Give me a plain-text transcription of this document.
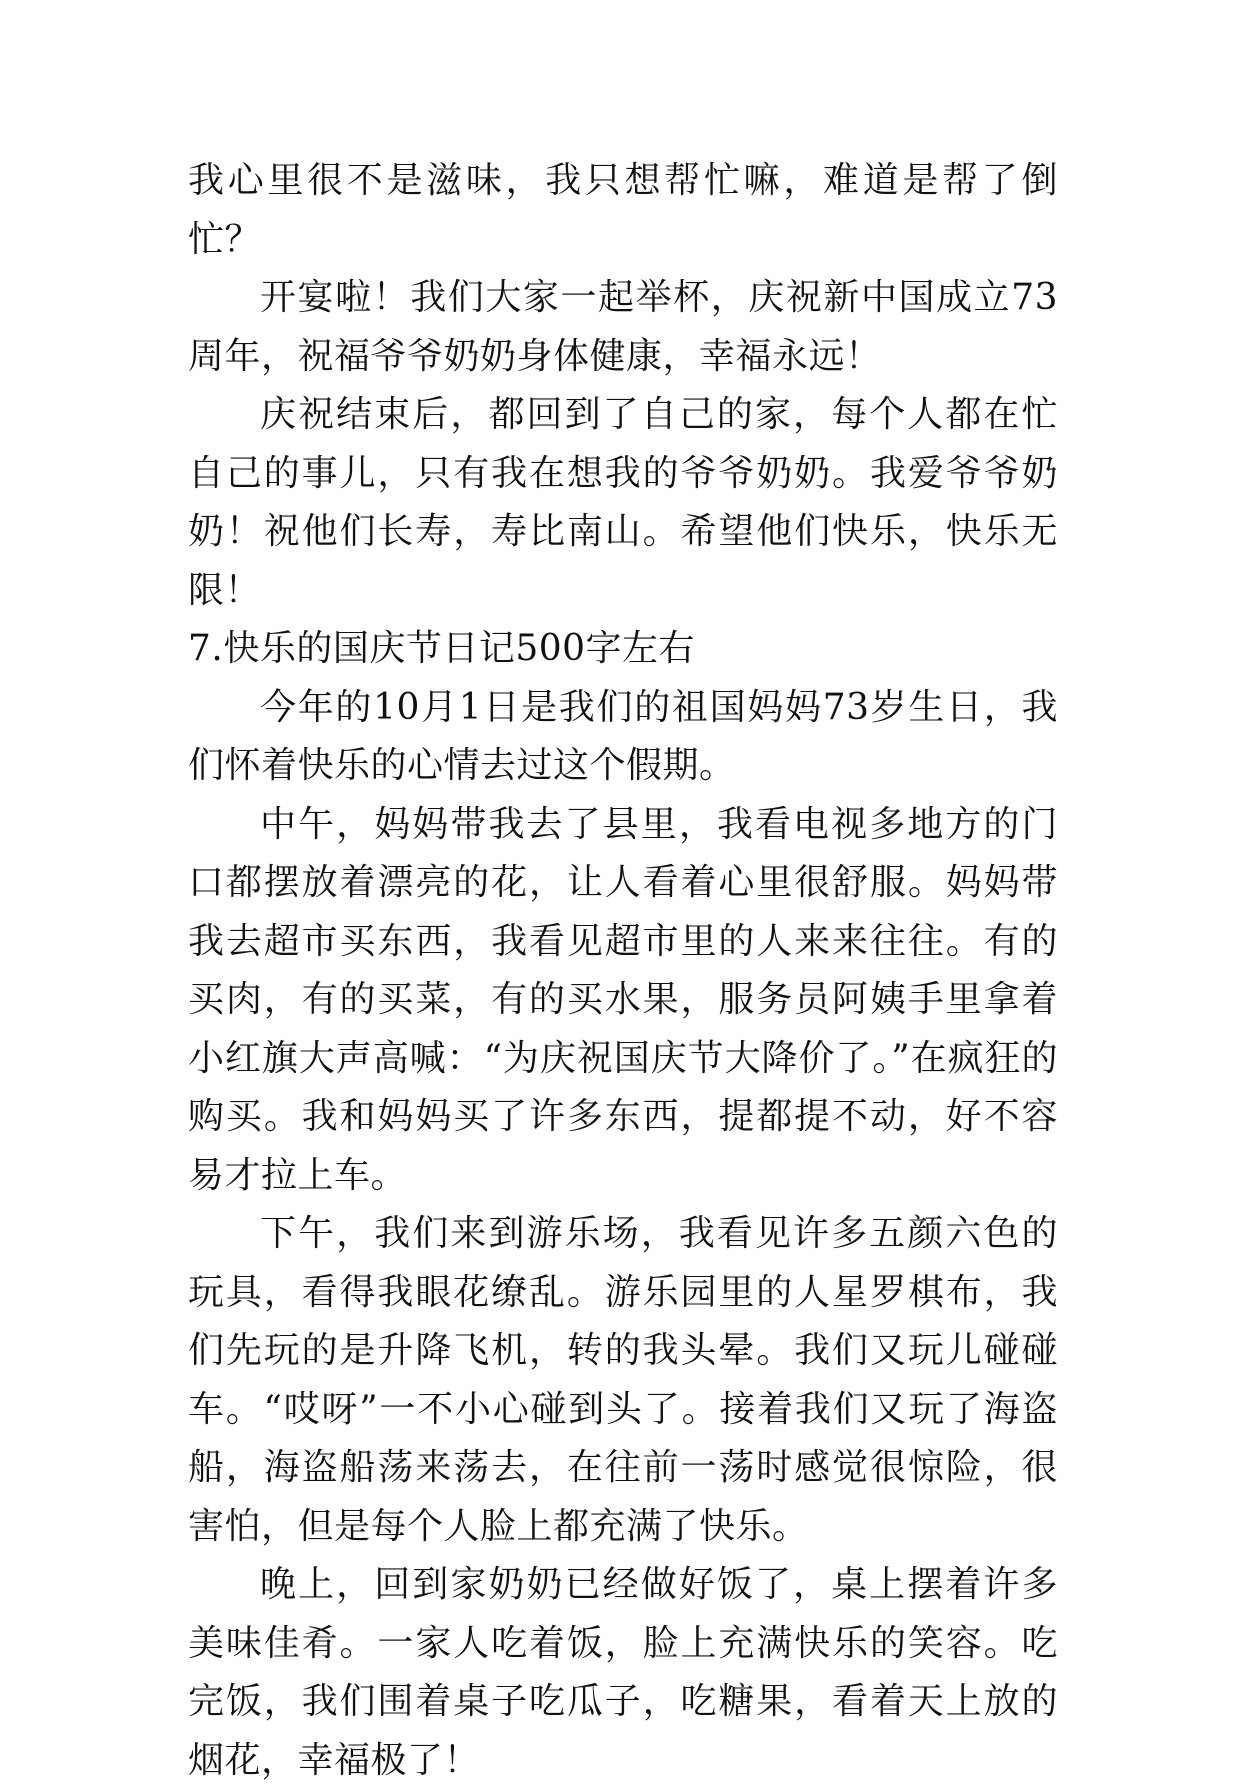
我心里很不是滋味，我只想帮忙嘛，难道是帮了倒忙？

开宴啦！我们大家一起举杯，庆祝新中国成立73周年，祝福爷爷奶奶身体健康，幸福永远！

庆祝结束后，都回到了自己的家，每个人都在忙自己的事儿，只有我在想我的爷爷奶奶。我爱爷爷奶奶！祝他们长寿，寿比南山。希望他们快乐，快乐无限！

7.快乐的国庆节日记500字左右

今年的10月1日是我们的祖国妈妈73岁生日，我们怀着快乐的心情去过这个假期。

中午，妈妈带我去了县里，我看电视多地方的门口都摆放着漂亮的花，让人看着心里很舒服。妈妈带我去超市买东西，我看见超市里的人来来往往。有的买肉，有的买菜，有的买水果，服务员阿姨手里拿着小红旗大声高喊：“为庆祝国庆节大降价了。”在疯狂的购买。我和妈妈买了许多东西，提都提不动，好不容易才拉上车。

下午，我们来到游乐场，我看见许多五颜六色的玩具，看得我眼花缭乱。游乐园里的人星罗棋布，我们先玩的是升降飞机，转的我头晕。我们又玩儿碰碰车。“哎呀”一不小心碰到头了。接着我们又玩了海盗船，海盗船荡来荡去，在往前一荡时感觉很惊险，很害怕，但是每个人脸上都充满了快乐。

晚上，回到家奶奶已经做好饭了，桌上摆着许多美味佳肴。一家人吃着饭，脸上充满快乐的笑容。吃完饭，我们围着桌子吃瓜子，吃糖果，看着天上放的烟花，幸福极了！
